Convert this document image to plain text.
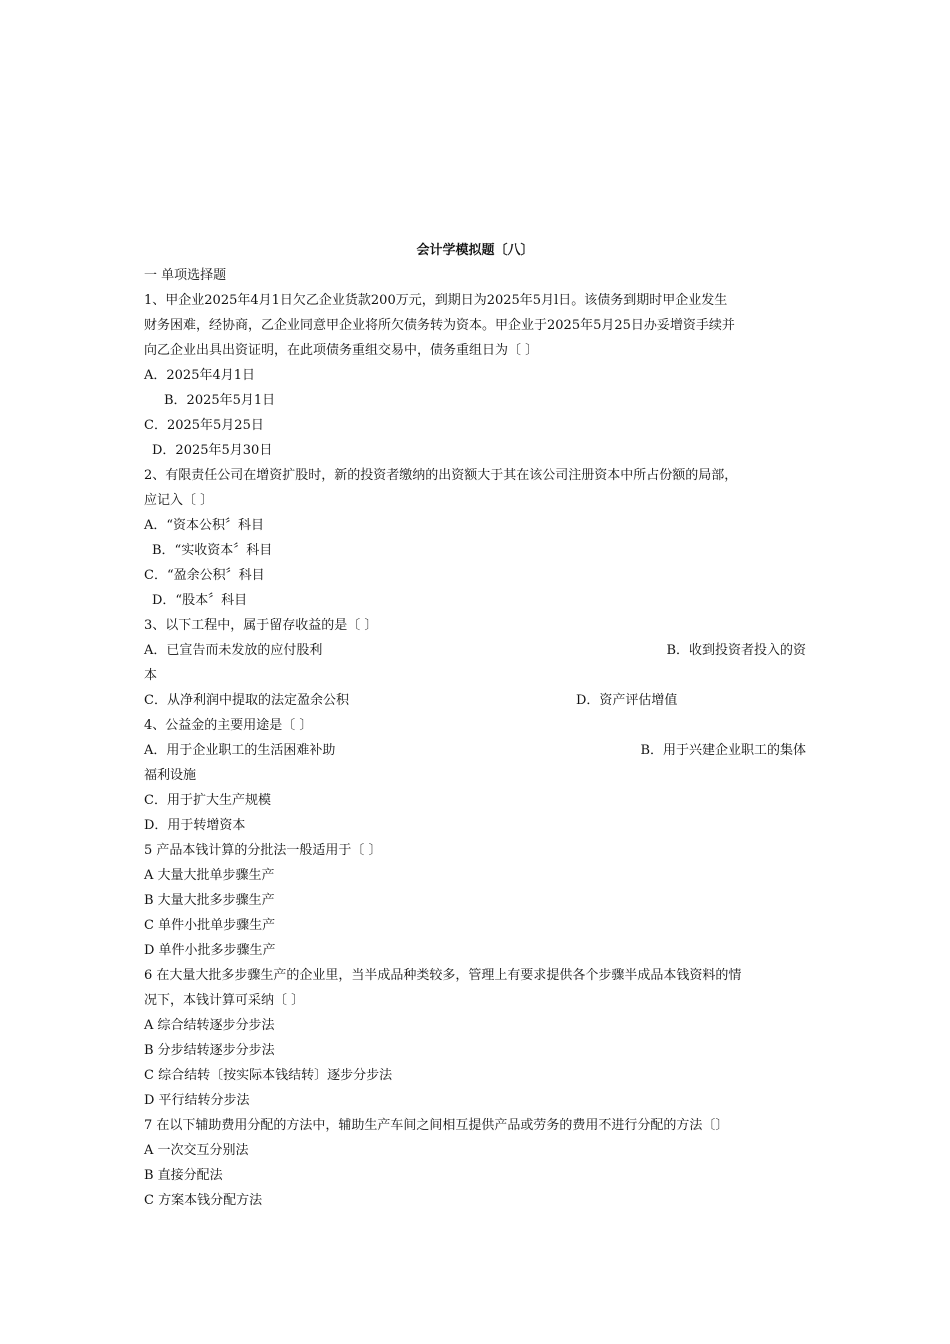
会计学模拟题〔八〕
一 单项选择题
1、甲企业2025年4月1日欠乙企业货款200万元，到期日为2025年5月l日。该债务到期时甲企业发生
财务困难，经协商，乙企业同意甲企业将所欠债务转为资本。甲企业于2025年5月25日办妥增资手续并
向乙企业出具出资证明，在此项债务重组交易中，债务重组日为〔 〕
A．2025年4月1日
B．2025年5月1日
C．2025年5月25日
D．2025年5月30日
2、有限责任公司在增资扩股时，新的投资者缴纳的出资额大于其在该公司注册资本中所占份额的局部，
应记入〔 〕
A．“资本公积〞科目
B．“实收资本〞科目
C．“盈余公积〞科目
D．“股本〞科目
3、以下工程中，属于留存收益的是〔 〕
A．已宣告而未发放的应付股利	B．收到投资者投入的资
本
C．从净利润中提取的法定盈余公积	D．资产评估增值
4、公益金的主要用途是〔 〕
A．用于企业职工的生活困难补助	B．用于兴建企业职工的集体
福利设施
C．用于扩大生产规模
D．用于转增资本
5 产品本钱计算的分批法一般适用于〔 〕
A 大量大批单步骤生产
B 大量大批多步骤生产
C 单件小批单步骤生产
D 单件小批多步骤生产
6 在大量大批多步骤生产的企业里，当半成品种类较多，管理上有要求提供各个步骤半成品本钱资料的情
况下，本钱计算可采纳〔 〕
A 综合结转逐步分步法
B 分步结转逐步分步法
C 综合结转〔按实际本钱结转〕逐步分步法
D 平行结转分步法
7 在以下辅助费用分配的方法中，辅助生产车间之间相互提供产品或劳务的费用不进行分配的方法〔〕
A 一次交互分别法
B 直接分配法
C 方案本钱分配方法
